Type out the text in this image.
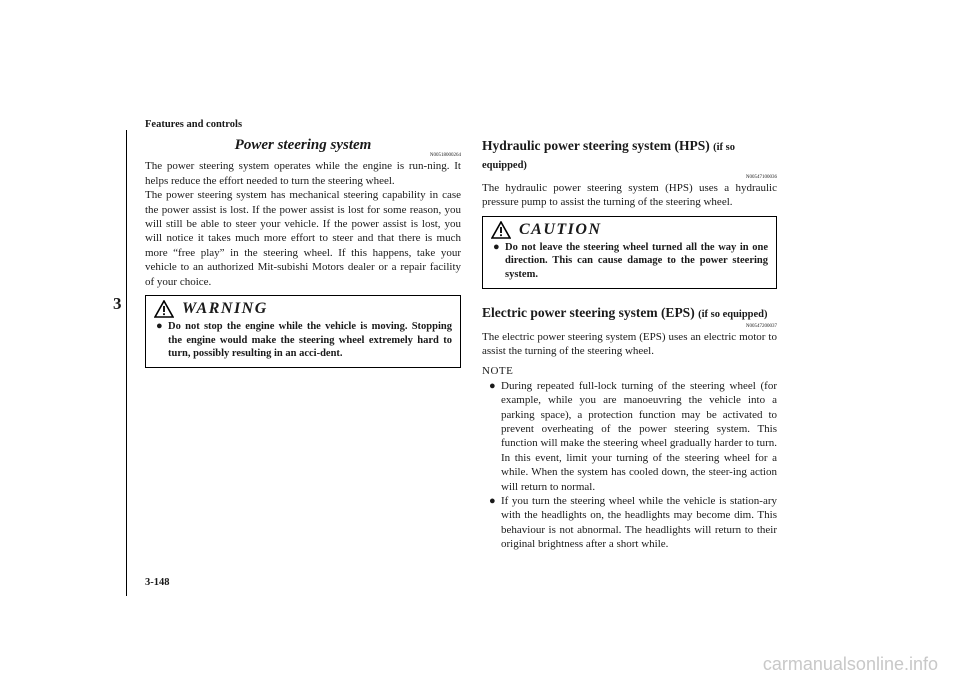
Features and controls
3
3-148
carmanualsonline.info
Power steering system
N00518000264

The power steering system operates while the engine is run-ning. It helps reduce the effort needed to turn the steering wheel.

The power steering system has mechanical steering capability in case the power assist is lost. If the power assist is lost for some reason, you will still be able to steer your vehicle. If the power assist is lost, you will notice it takes much more effort to steer and that there is much more “free play” in the steering wheel. If this happens, take your vehicle to an authorized Mit-subishi Motors dealer or a repair facility of your choice.

WARNING
● Do not stop the engine while the vehicle is moving. Stopping the engine would make the steering wheel extremely hard to turn, possibly resulting in an acci-dent.
Hydraulic power steering system (HPS) (if so equipped)
N00547100036

The hydraulic power steering system (HPS) uses a hydraulic pressure pump to assist the turning of the steering wheel.

CAUTION
● Do not leave the steering wheel turned all the way in one direction. This can cause damage to the power steering system.
Electric power steering system (EPS) (if so equipped)
N00547200037

The electric power steering system (EPS) uses an electric motor to assist the turning of the steering wheel.

NOTE
● During repeated full-lock turning of the steering wheel (for example, while you are manoeuvring the vehicle into a parking space), a protection function may be activated to prevent overheating of the power steering system. This function will make the steering wheel gradually harder to turn. In this event, limit your turning of the steering wheel for a while. When the system has cooled down, the steer-ing action will return to normal.
● If you turn the steering wheel while the vehicle is station-ary with the headlights on, the headlights may become dim. This behaviour is not abnormal. The headlights will return to their original brightness after a short while.
